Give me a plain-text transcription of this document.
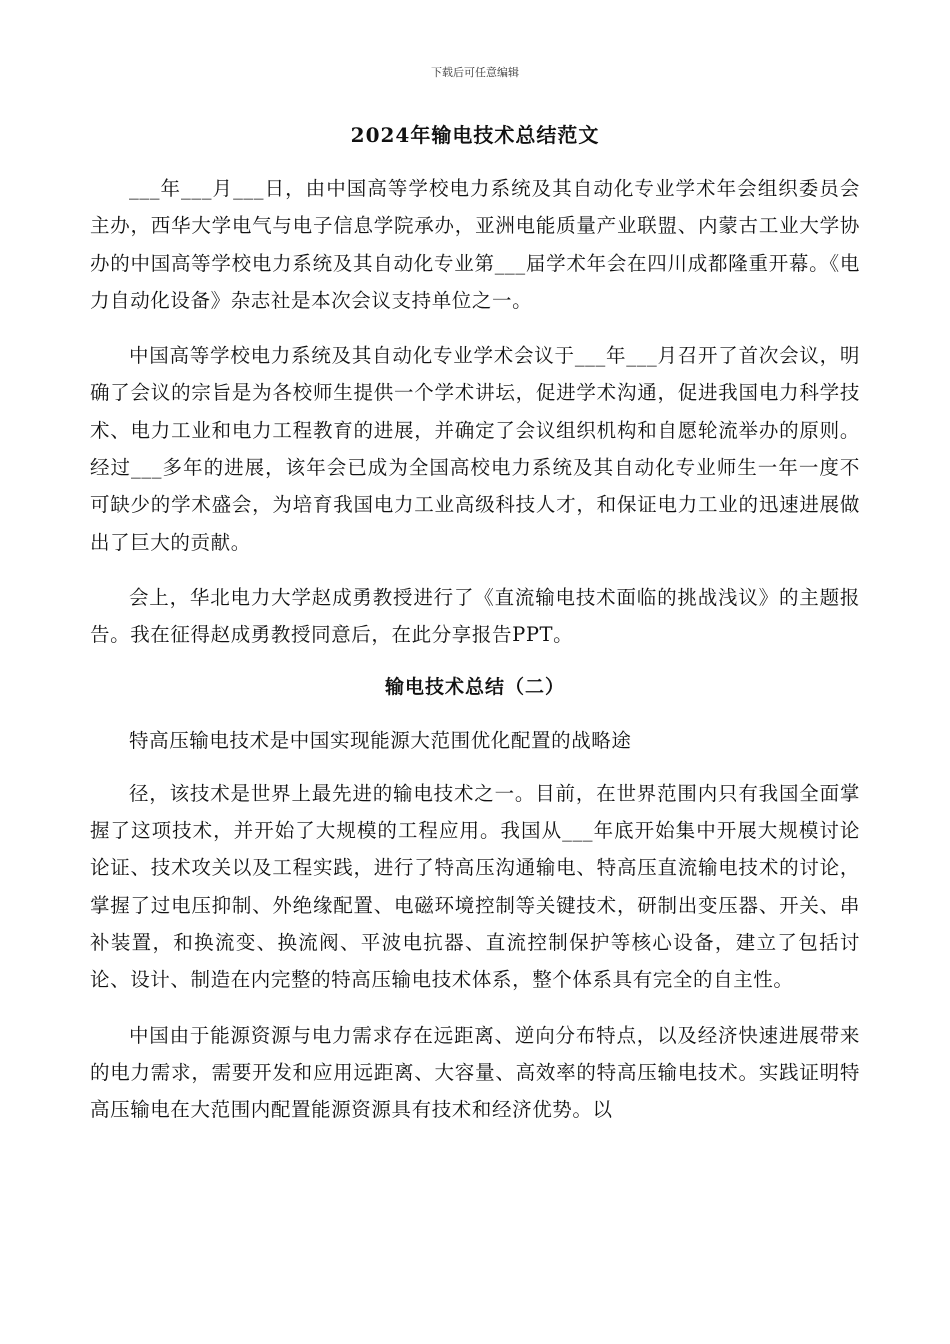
下载后可任意编辑
2024年输电技术总结范文

___年___月___日，由中国高等学校电力系统及其自动化专业学术年会组织委员会主办，西华大学电气与电子信息学院承办，亚洲电能质量产业联盟、内蒙古工业大学协办的中国高等学校电力系统及其自动化专业第___届学术年会在四川成都隆重开幕。《电力自动化设备》杂志社是本次会议支持单位之一。

中国高等学校电力系统及其自动化专业学术会议于___年___月召开了首次会议，明确了会议的宗旨是为各校师生提供一个学术讲坛，促进学术沟通，促进我国电力科学技术、电力工业和电力工程教育的进展，并确定了会议组织机构和自愿轮流举办的原则。经过___多年的进展，该年会已成为全国高校电力系统及其自动化专业师生一年一度不可缺少的学术盛会，为培育我国电力工业高级科技人才，和保证电力工业的迅速进展做出了巨大的贡献。

会上，华北电力大学赵成勇教授进行了《直流输电技术面临的挑战浅议》的主题报告。我在征得赵成勇教授同意后，在此分享报告PPT。

输电技术总结（二）

特高压输电技术是中国实现能源大范围优化配置的战略途

径，该技术是世界上最先进的输电技术之一。目前，在世界范围内只有我国全面掌握了这项技术，并开始了大规模的工程应用。我国从___年底开始集中开展大规模讨论论证、技术攻关以及工程实践，进行了特高压沟通输电、特高压直流输电技术的讨论，掌握了过电压抑制、外绝缘配置、电磁环境控制等关键技术，研制出变压器、开关、串补装置，和换流变、换流阀、平波电抗器、直流控制保护等核心设备，建立了包括讨论、设计、制造在内完整的特高压输电技术体系，整个体系具有完全的自主性。

中国由于能源资源与电力需求存在远距离、逆向分布特点，以及经济快速进展带来的电力需求，需要开发和应用远距离、大容量、高效率的特高压输电技术。实践证明特高压输电在大范围内配置能源资源具有技术和经济优势。以
